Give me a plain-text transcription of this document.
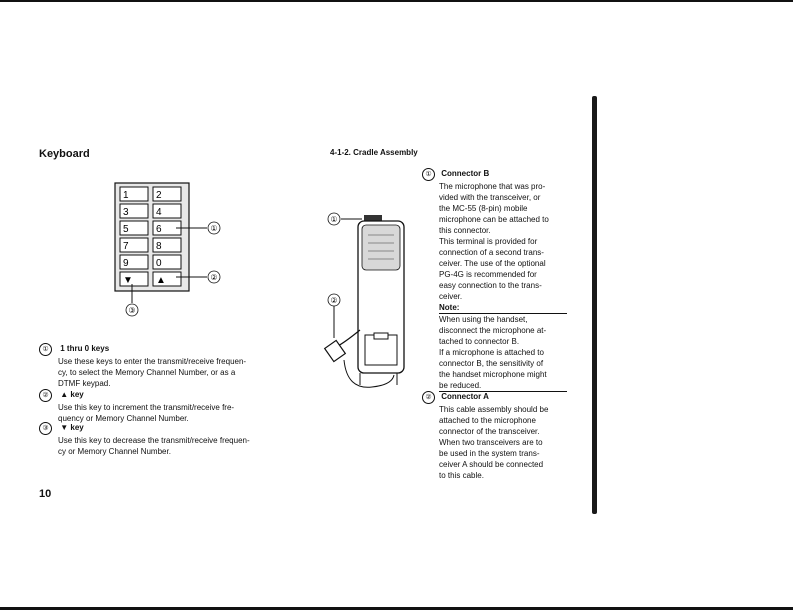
Keyboard
1	2
3	4
5	6
7	8
9	0
▼ ▲
①
②
③
① 1 thru 0 keys
Use these keys to enter the transmit/receive frequen-
cy, to select the Memory Channel Number, or as a
DTMF keypad.
② ▲ key
Use this key to increment the transmit/receive fre-
quency or Memory Channel Number.
③ ▼ key
Use this key to decrease the transmit/receive frequen-
cy or Memory Channel Number.
10
4-1-2. Cradle Assembly
①
②
① Connector B
The microphone that was pro-
vided with the transceiver, or
the MC-55 (8-pin) mobile
microphone can be attached to
this connector.
This terminal is provided for
connection of a second trans-
ceiver. The use of the optional
PG-4G is recommended for
easy connection to the trans-
ceiver.
Note:
When using the handset,
disconnect the microphone at-
tached to connector B.
If a microphone is attached to
connector B, the sensitivity of
the handset microphone might
be reduced.
② Connector A
This cable assembly should be
attached to the microphone
connector of the transceiver.
When two transceivers are to
be used in the system trans-
ceiver A should be connected
to this cable.
